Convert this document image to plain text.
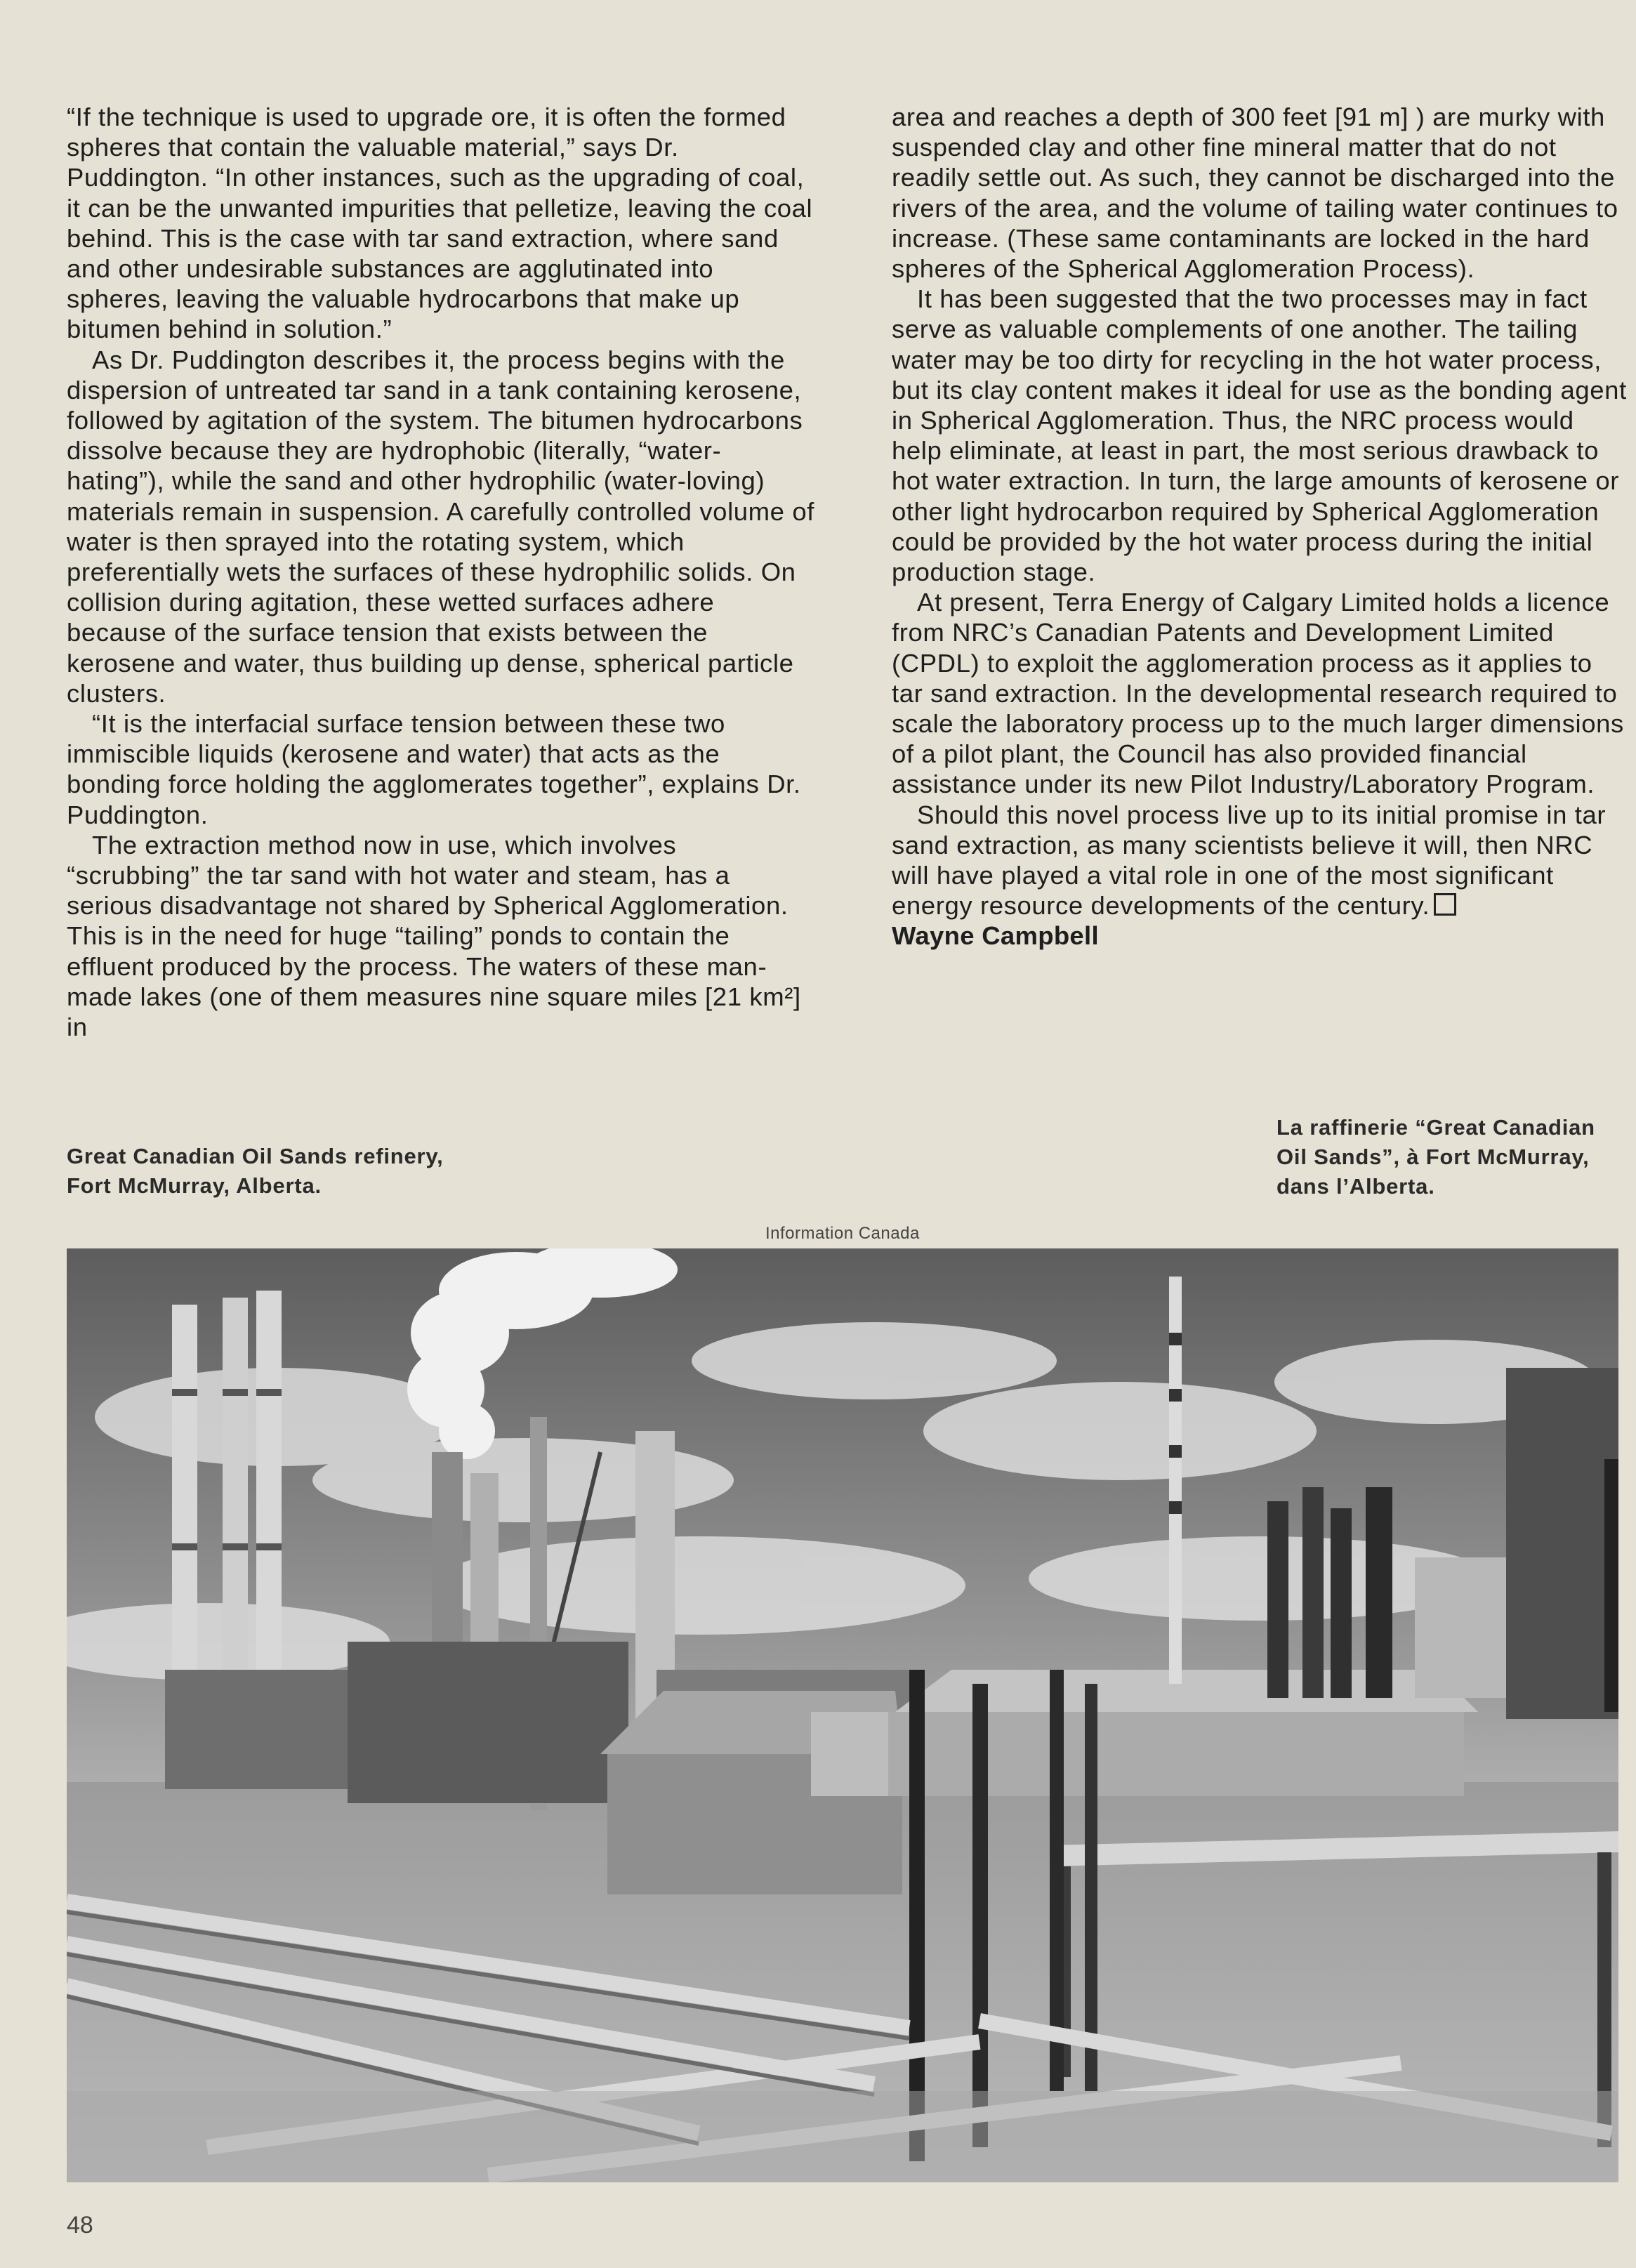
“If the technique is used to upgrade ore, it is often the formed spheres that contain the valuable material,” says Dr. Puddington. “In other instances, such as the upgrading of coal, it can be the unwanted impurities that pelletize, leaving the coal behind. This is the case with tar sand extraction, where sand and other undesirable substances are agglutinated into spheres, leaving the valuable hydrocarbons that make up bitumen behind in solution.”

As Dr. Puddington describes it, the process begins with the dispersion of untreated tar sand in a tank containing kerosene, followed by agitation of the system. The bitumen hydrocarbons dissolve because they are hydrophobic (literally, “water-hating”), while the sand and other hydrophilic (water-loving) materials remain in suspension. A carefully controlled volume of water is then sprayed into the rotating system, which preferentially wets the surfaces of these hydrophilic solids. On collision during agitation, these wetted surfaces adhere because of the surface tension that exists between the kerosene and water, thus building up dense, spherical particle clusters.

“It is the interfacial surface tension between these two immiscible liquids (kerosene and water) that acts as the bonding force holding the agglomerates together”, explains Dr. Puddington.

The extraction method now in use, which involves “scrubbing” the tar sand with hot water and steam, has a serious disadvantage not shared by Spherical Agglomeration. This is in the need for huge “tailing” ponds to contain the effluent produced by the process. The waters of these man-made lakes (one of them measures nine square miles [21 km²] in

area and reaches a depth of 300 feet [91 m] ) are murky with suspended clay and other fine mineral matter that do not readily settle out. As such, they cannot be discharged into the rivers of the area, and the volume of tailing water continues to increase. (These same contaminants are locked in the hard spheres of the Spherical Agglomeration Process).

It has been suggested that the two processes may in fact serve as valuable complements of one another. The tailing water may be too dirty for recycling in the hot water process, but its clay content makes it ideal for use as the bonding agent in Spherical Agglomeration. Thus, the NRC process would help eliminate, at least in part, the most serious drawback to hot water extraction. In turn, the large amounts of kerosene or other light hydrocarbon required by Spherical Agglomeration could be provided by the hot water process during the initial production stage.

At present, Terra Energy of Calgary Limited holds a licence from NRC’s Canadian Patents and Development Limited (CPDL) to exploit the agglomeration process as it applies to tar sand extraction. In the developmental research required to scale the laboratory process up to the much larger dimensions of a pilot plant, the Council has also provided financial assistance under its new Pilot Industry/Laboratory Program.

Should this novel process live up to its initial promise in tar sand extraction, as many scientists believe it will, then NRC will have played a vital role in one of the most significant energy resource developments of the century.

Wayne Campbell

Great Canadian Oil Sands refinery, Fort McMurray, Alberta.
La raffinerie “Great Canadian Oil Sands”, à Fort McMurray, dans l’Alberta.
Information Canada
48
